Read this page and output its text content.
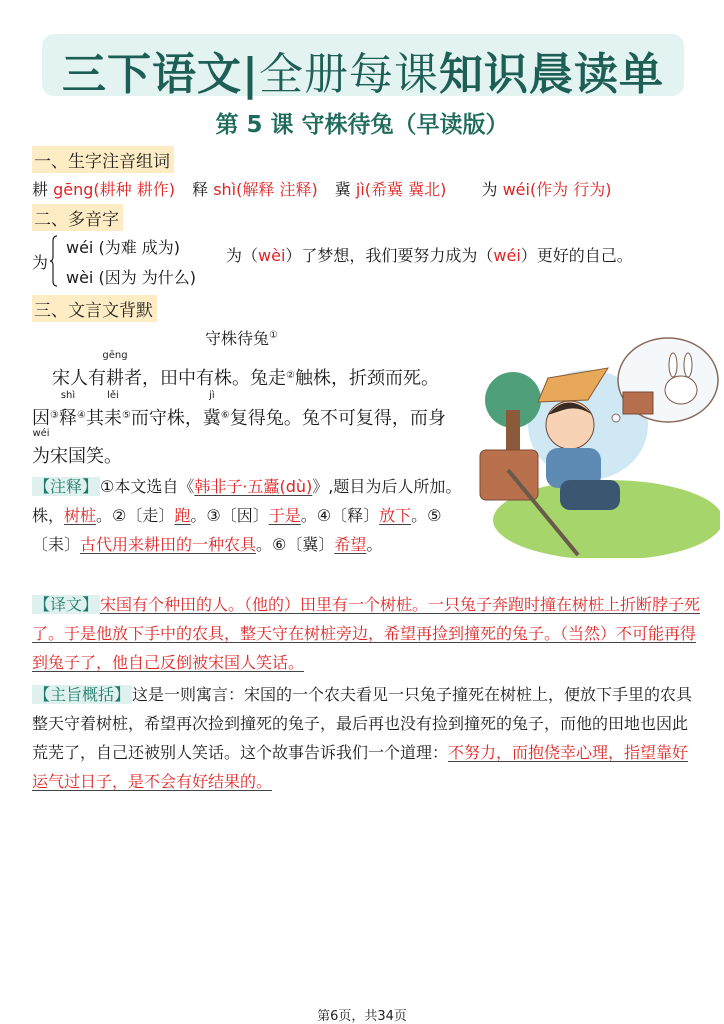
三下语文|全册每课知识晨读单
第 5 课 守株待兔（早读版）
一、生字注音组词
耕 gēng(耕种 耕作) 释 shì(解释 注释) 冀 jì(希冀 冀北) 为 wéi(作为 行为)
二、多音字
为
wéi (为难 成为)
wèi (因为 为什么)
为（wèi）了梦想，我们要努力成为（wéi）更好的自己。
三、文言文背默
守株待兔①
宋人有
gēng
耕者，田中有株。兔走②触株，折颈而死。
因③
shì
释④其
lěi
耒⑤而守株，
jì
冀⑥复得兔。兔不可复得，而身
wéi
为宋国笑。
【注释】 ①本文选自《韩非子·五蠹(dù)》,题目为后人所加。株，树桩。②〔走〕跑。③〔因〕于是。④〔释〕放下。⑤〔耒〕古代用来耕田的一种农具。⑥〔冀〕希望。
【译文】 宋国有个种田的人。（他的）田里有一个树桩。一只兔子奔跑时撞在树桩上折断脖子死了。于是他放下手中的农具，整天守在树桩旁边，希望再捡到撞死的兔子。（当然）不可能再得到兔子了，他自己反倒被宋国人笑话。
【主旨概括】 这是一则寓言：宋国的一个农夫看见一只兔子撞死在树桩上，便放下手里的农具整天守着树桩，希望再次捡到撞死的兔子，最后再也没有捡到撞死的兔子，而他的田地也因此荒芜了，自己还被别人笑话。这个故事告诉我们一个道理：不努力，而抱侥幸心理，指望靠好运气过日子，是不会有好结果的。
第6页，共34页
